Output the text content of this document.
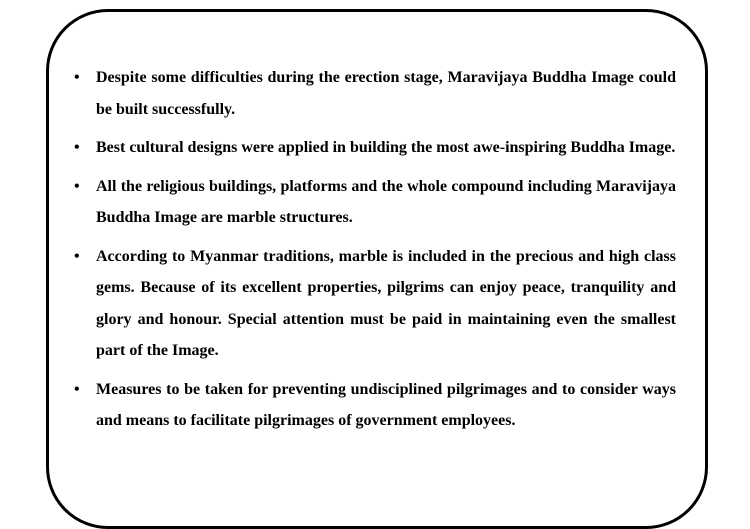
• Despite some difficulties during the erection stage, Maravijaya Buddha Image could be built successfully.
• Best cultural designs were applied in building the most awe-inspiring Buddha Image.
• All the religious buildings, platforms and the whole compound including Maravijaya Buddha Image are marble structures.
• According to Myanmar traditions, marble is included in the precious and high class gems. Because of its excellent properties, pilgrims can enjoy peace, tranquility and glory and honour. Special attention must be paid in maintaining even the smallest part of the Image.
• Measures to be taken for preventing undisciplined pilgrimages and to consider ways and means to facilitate pilgrimages of government employees.
